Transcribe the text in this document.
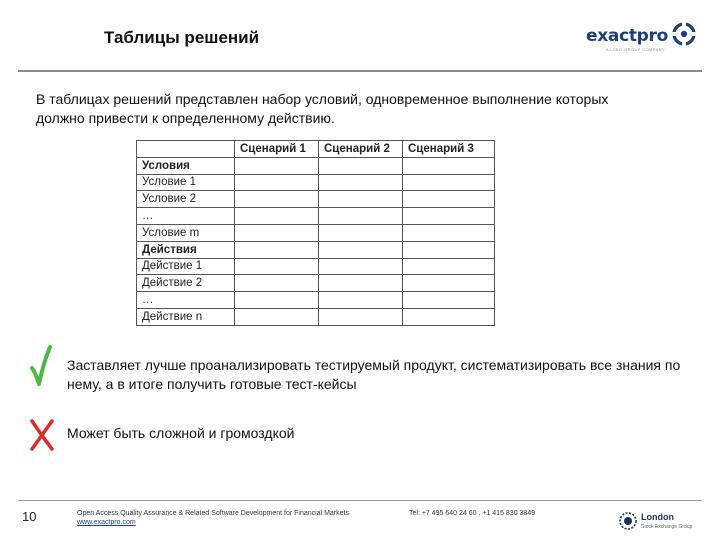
Таблицы решений	exactpro
A LSEG GROUP COMPANY

В таблицах решений представлен набор условий, одновременное выполнение которых должно привести к определенному действию.

	Сценарий 1	Сценарий 2	Сценарий 3
Условия			
Условие 1			
Условие 2			
…			
Условие m			
Действия			
Действие 1			
Действие 2			
…			
Действие n			
Заставляет лучше проанализировать тестируемый продукт, систематизировать все знания по нему, а в итоге получить готовые тест-кейсы
Может быть сложной и громоздкой
10	Open Access Quality Assurance & Related Software Development for Financial Markets
www.exactpro.com
Tel: +7 495 640 24 60 , +1 415 830 3849	London
Stock Exchange Group
